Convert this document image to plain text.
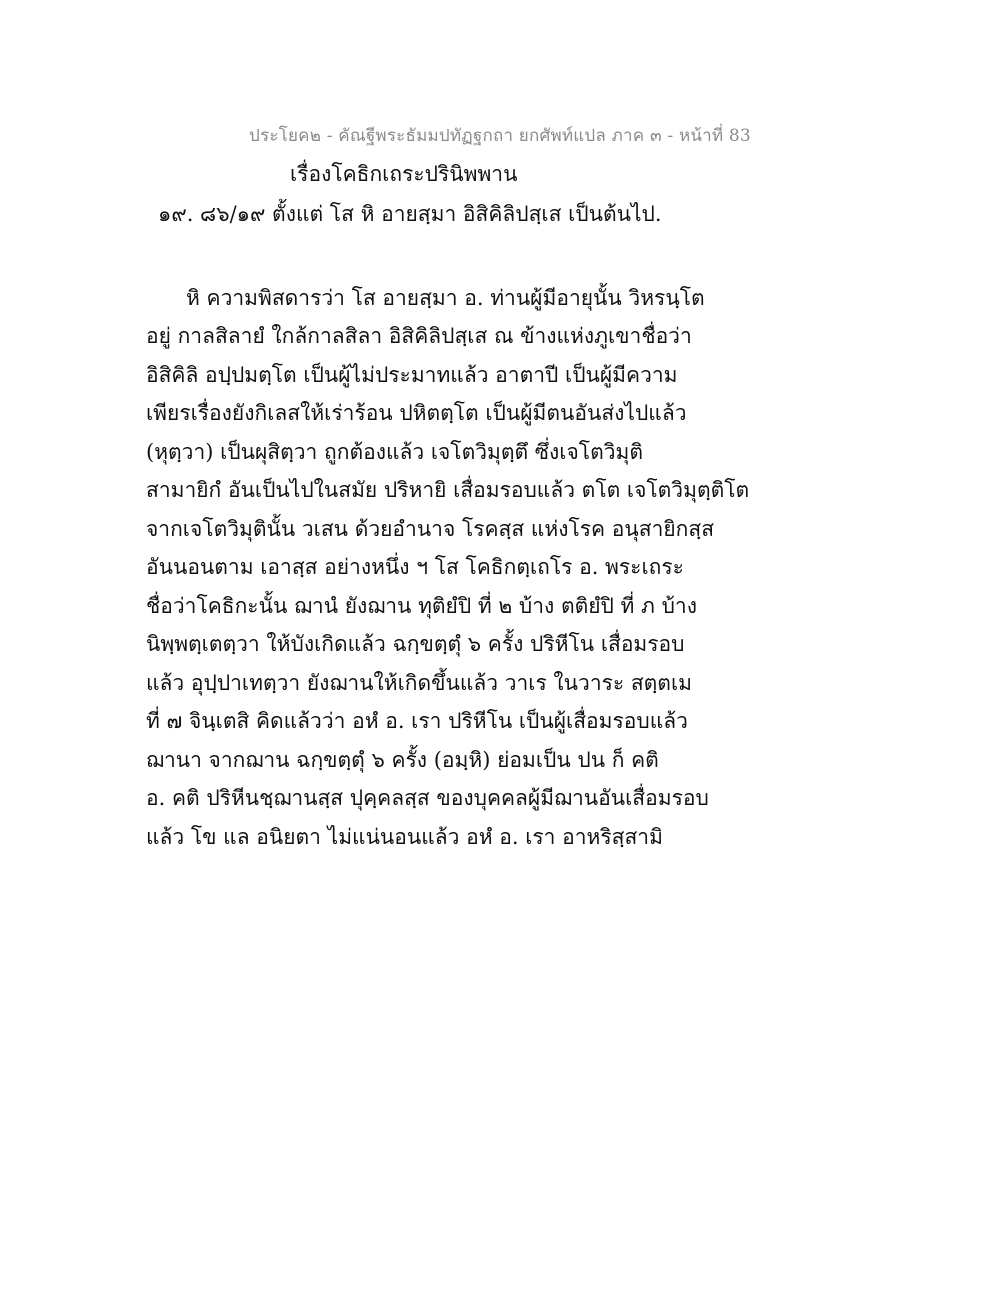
ประโยค๒ - คัณฐีพระธัมมปทัฏฐกถา ยกศัพท์แปล ภาค ๓ - หน้าที่ 83
เรื่องโคธิกเถระปรินิพพาน
๑๙. ๘๖/๑๙ ตั้งแต่ โส หิ อายสฺมา อิสิคิลิปสฺเส เป็นต้นไป.
หิ ความพิสดารว่า โส อายสฺมา อ. ท่านผู้มีอายุนั้น วิหรนฺโต
อยู่ กาลสิลายํ ใกล้กาลสิลา อิสิคิลิปสฺเส ณ ข้างแห่งภูเขาชื่อว่า
อิสิคิลิ อปฺปมตฺโต เป็นผู้ไม่ประมาทแล้ว อาตาปี เป็นผู้มีความ
เพียรเรื่องยังกิเลสให้เร่าร้อน ปหิตตฺโต เป็นผู้มีตนอันส่งไปแล้ว
(หุตฺวา) เป็นผุสิตฺวา ถูกต้องแล้ว เจโตวิมุตฺตึ ซึ่งเจโตวิมุติ
สามายิกํ อันเป็นไปในสมัย ปริหายิ เสื่อมรอบแล้ว ตโต เจโตวิมุตฺติโต
จากเจโตวิมุตินั้น วเสน ด้วยอำนาจ โรคสฺส แห่งโรค อนุสายิกสฺส
อันนอนตาม เอาสฺส อย่างหนึ่ง ฯ โส โคธิกตฺเถโร อ. พระเถระ
ชื่อว่าโคธิกะนั้น ฌานํ ยังฌาน ทุติยํปิ ที่ ๒ บ้าง ตติยํปิ ที่ ภ บ้าง
นิพฺพตฺเตตฺวา ให้บังเกิดแล้ว ฉกฺขตฺตุํ ๖ ครั้ง ปริหีโน เสื่อมรอบ
แล้ว อุปฺปาเทตฺวา ยังฌานให้เกิดขึ้นแล้ว วาเร ในวาระ สตฺตเม
ที่ ๗ จินฺเตสิ คิดแล้วว่า อหํ อ. เรา ปริหีโน เป็นผู้เสื่อมรอบแล้ว
ฌานา จากฌาน ฉกฺขตฺตุํ ๖ ครั้ง (อมฺหิ) ย่อมเป็น ปน ก็ คติ
อ. คติ ปริหีนชฺฌานสฺส ปุคฺคลสฺส ของบุคคลผู้มีฌานอันเสื่อมรอบ
แล้ว โข แล อนิยตา ไม่แน่นอนแล้ว อหํ อ. เรา อาหริสฺสามิ
